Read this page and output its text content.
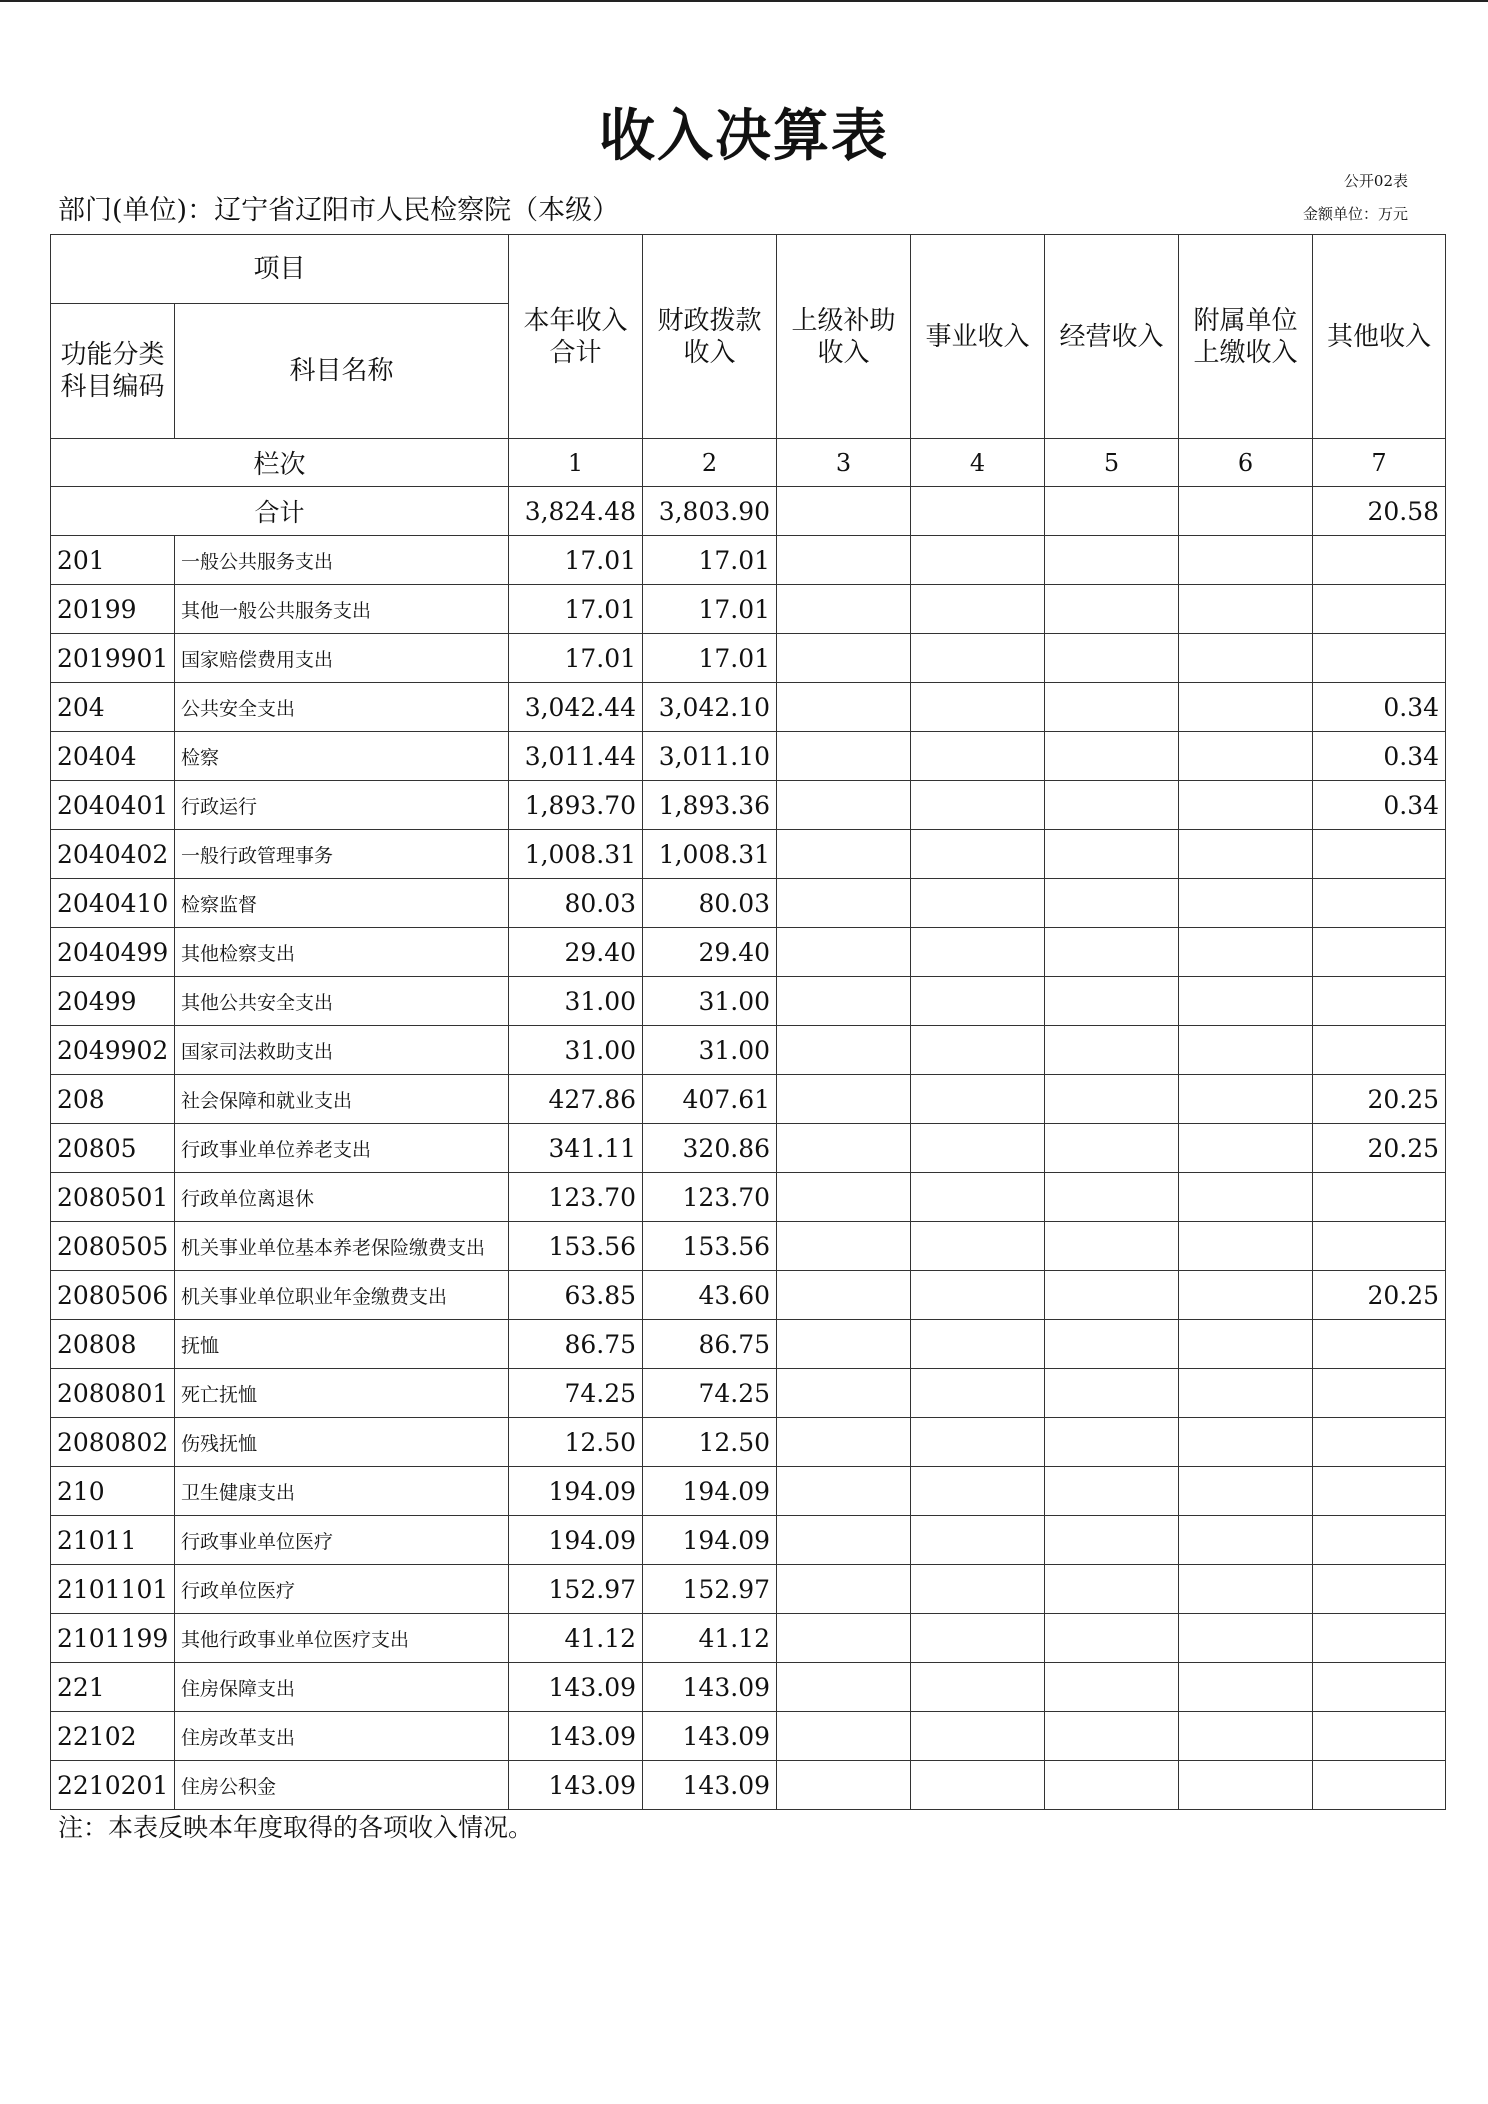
收入决算表
公开02表
部门(单位)：辽宁省辽阳市人民检察院（本级）	金额单位：万元
项目		本年收入 合计	财政拨款 收入	上级补助 收入	事业收入	经营收入	附属单位 上缴收入	其他收入
功能分类 科目编码	科目名称							
栏次		1	2	3	4	5	6	7
合计		3,824.48	3,803.90					20.58
201	一般公共服务支出	17.01	17.01					
20199	其他一般公共服务支出	17.01	17.01					
2019901	国家赔偿费用支出	17.01	17.01					
204	公共安全支出	3,042.44	3,042.10					0.34
20404	检察	3,011.44	3,011.10					0.34
2040401	行政运行	1,893.70	1,893.36					0.34
2040402	一般行政管理事务	1,008.31	1,008.31					
2040410	检察监督	80.03	80.03					
2040499	其他检察支出	29.40	29.40					
20499	其他公共安全支出	31.00	31.00					
2049902	国家司法救助支出	31.00	31.00					
208	社会保障和就业支出	427.86	407.61					20.25
20805	行政事业单位养老支出	341.11	320.86					20.25
2080501	行政单位离退休	123.70	123.70					
2080505	机关事业单位基本养老保险缴费支出	153.56	153.56					
2080506	机关事业单位职业年金缴费支出	63.85	43.60					20.25
20808	抚恤	86.75	86.75					
2080801	死亡抚恤	74.25	74.25					
2080802	伤残抚恤	12.50	12.50					
210	卫生健康支出	194.09	194.09					
21011	行政事业单位医疗	194.09	194.09					
2101101	行政单位医疗	152.97	152.97					
2101199	其他行政事业单位医疗支出	41.12	41.12					
221	住房保障支出	143.09	143.09					
22102	住房改革支出	143.09	143.09					
2210201	住房公积金	143.09	143.09					
注：本表反映本年度取得的各项收入情况。
